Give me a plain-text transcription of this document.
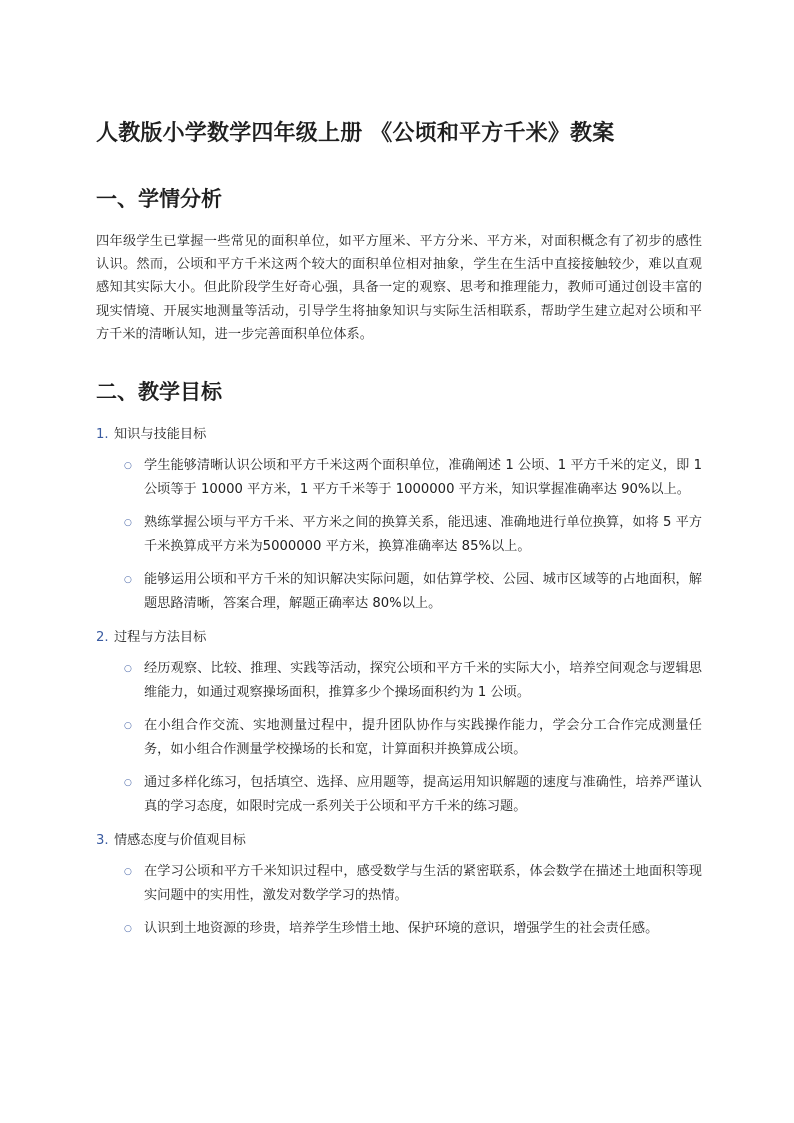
人教版小学数学四年级上册 《公顷和平方千米》教案
一、学情分析

四年级学生已掌握一些常见的面积单位，如平方厘米、平方分米、平方米，对面积概念有了初步的感性认识。然而，公顷和平方千米这两个较大的面积单位相对抽象，学生在生活中直接接触较少，难以直观感知其实际大小。但此阶段学生好奇心强，具备一定的观察、思考和推理能力，教师可通过创设丰富的现实情境、开展实地测量等活动，引导学生将抽象知识与实际生活相联系，帮助学生建立起对公顷和平方千米的清晰认知，进一步完善面积单位体系。

二、教学目标
1. 知识与技能目标
○ 学生能够清晰认识公顷和平方千米这两个面积单位，准确阐述 1 公顷、1 平方千米的定义，即 1 公顷等于 10000 平方米，1 平方千米等于 1000000 平方米，知识掌握准确率达 90%以上。
○ 熟练掌握公顷与平方千米、平方米之间的换算关系，能迅速、准确地进行单位换算，如将 5 平方千米换算成平方米为5000000 平方米，换算准确率达 85%以上。
○ 能够运用公顷和平方千米的知识解决实际问题，如估算学校、公园、城市区域等的占地面积，解题思路清晰，答案合理，解题正确率达 80%以上。
2. 过程与方法目标
○ 经历观察、比较、推理、实践等活动，探究公顷和平方千米的实际大小，培养空间观念与逻辑思维能力，如通过观察操场面积，推算多少个操场面积约为 1 公顷。
○ 在小组合作交流、实地测量过程中，提升团队协作与实践操作能力，学会分工合作完成测量任务，如小组合作测量学校操场的长和宽，计算面积并换算成公顷。
○ 通过多样化练习，包括填空、选择、应用题等，提高运用知识解题的速度与准确性，培养严谨认真的学习态度，如限时完成一系列关于公顷和平方千米的练习题。
3. 情感态度与价值观目标
○ 在学习公顷和平方千米知识过程中，感受数学与生活的紧密联系，体会数学在描述土地面积等现实问题中的实用性，激发对数学学习的热情。
○ 认识到土地资源的珍贵，培养学生珍惜土地、保护环境的意识，增强学生的社会责任感。
